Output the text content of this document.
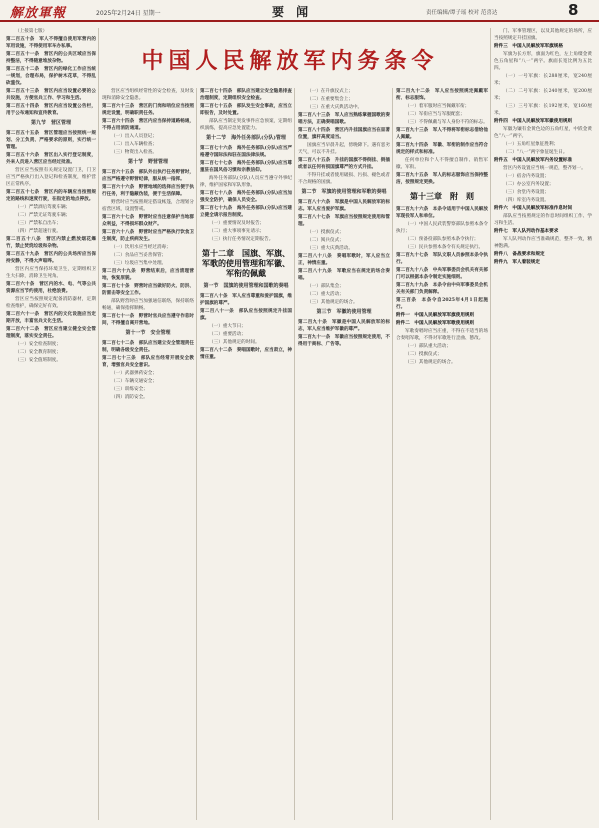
解放軍報	2025年2月24日 星期一	要 闻	责任编辑/谭子瑶 校对 范喜达	8
中国人民解放军内务条令

（上接第七版）

第二百五十条　军人不得擅自使用军营内的军用设施，不得使用军车办私事。

第二百五十一条　营区内的公共区域应当保持整洁，不得随意堆放杂物。

第二百五十二条　营区内的绿化工作应当统一规划，合理布局，保护树木花草，不得乱砍滥伐。

第二百五十三条　营区内应当设置必要的公共设施，方便官兵工作、学习和生活。

第二百五十四条　营区内应当设置公告栏，用于公布通知和宣传教育。

第九节　营区管理

第二百五十五条　营区管理应当按照统一规划、分工负责、严格要求的原则，实行统一管理。

第二百五十六条　营区出入实行登记制度，外来人员进入营区应当经过批准。

营区应当按照有关规定设置门卫，门卫应当严格执行出入登记和检查制度，维护营区正常秩序。

第二百五十七条　营区内的车辆应当按照规定的路线和速度行驶，在指定的地点停放。

（一）严禁酒后驾驶车辆；

（二）严禁无证驾驶车辆；

（三）严禁私自出车；

（四）严禁超速行驶。

第二百五十八条　营区内禁止燃放烟花爆竹，禁止焚烧垃圾和杂物。

第二百五十九条　营区内的公共场所应当保持安静，不得大声喧哗。

营区内应当保持环境卫生，定期组织卫生大扫除，消除卫生死角。

第二百六十条　营区内的水、电、气等公共资源应当节约使用，杜绝浪费。

营区应当按照规定配备消防器材，定期检查维护，确保完好有效。

第二百六十一条　营区内的文化设施应当定期开放，丰富官兵文化生活。

第二百六十二条　营区应当建立健全安全管理制度，落实安全责任。

（一）安全检查制度；

（二）安全教育制度；

（三）安全值班制度。

营区应当组织经常性的安全检查，及时发现和消除安全隐患。

第二百六十三条　营区的门岗和哨位应当按照规定设置，明确职责任务。

第二百六十四条　营区内应当保持道路畅通，不得占用消防通道。

（一）出入人员登记；

（二）出入车辆检查；

（三）物资出入检查。

第十节　野营管理

第二百六十五条　部队外出执行任务野营时，应当严格遵守野营纪律，服从统一指挥。

第二百六十六条　野营地域的选择应当便于执行任务，利于隐蔽伪装，便于生活保障。

野营时应当按照规定搭设帐篷，合理划分宿营区域，设置警戒。

第二百六十七条　野营时应当注意保护当地群众利益，不得损坏群众财产。

第二百六十八条　野营时应当严格执行饮食卫生制度，防止疾病发生。

（一）饮用水应当经过消毒；

（二）食品应当妥善保管；

（三）垃圾应当集中处理。

第二百六十九条　野营结束后，应当清理营地，恢复原貌。

第二百七十条　野营时应当做好防火、防洪、防雷击等安全工作。

部队野营时应当加强通信联络，保持联络畅通，确保指挥顺畅。

第二百七十一条　野营时官兵应当遵守作息时间，不得擅自离开营地。

第十一节　安全管理

第二百七十二条　部队应当建立安全管理责任制，明确各级安全责任。

第二百七十三条　部队应当经常开展安全教育，增强官兵安全意识。

（一）武器弹药安全；

（二）车辆交通安全；

（三）训练安全；

（四）消防安全。

第二百七十四条　部队应当建立安全隐患排查治理制度，定期组织安全检查。

第二百七十五条　部队发生安全事故，应当立即报告，及时处置。

部队应当制定突发事件应急预案，定期组织演练，提高应急处置能力。

第十二节　海外任务部队(分队)管理

第二百七十六条　海外任务部队(分队)应当严格遵守国际法和驻在国法律法规。

第二百七十七条　海外任务部队(分队)应当尊重驻在国风俗习惯和宗教信仰。

海外任务部队(分队)人员应当遵守外事纪律，维护国家和军队形象。

第二百七十八条　海外任务部队(分队)应当加强安全防护，确保人员安全。

第二百七十九条　海外任务部队(分队)应当建立健全请示报告制度。

（一）重要情况及时报告；

（二）重大事项事先请示；

（三）执行任务情况定期报告。

第十二章　国旗、军旗、军歌的使用管理和军徽、军衔的佩戴

第一节　国旗的使用管理和国歌的奏唱

第二百八十条　军人应当尊重和爱护国旗，维护国旗的尊严。

第二百八十一条　部队应当按照规定升挂国旗。

（一）重大节日；

（二）重要活动；

（三）其他规定的时间。

第二百八十二条　奏唱国歌时，应当肃立，神情庄重。

（一）在升旗仪式上；

（二）在重要集会上；

（三）在重大庆典活动中。

第二百八十三条　军人应当熟练掌握国歌的奏唱方法，正确奏唱国歌。

第二百八十四条　营区内升挂国旗应当在显著位置，旗杆高度适当。

国旗应当早晨升起，傍晚降下。遇有恶劣天气，可以不升挂。

第二百八十五条　升挂的国旗不得倒挂、倒插或者以任何有损国旗尊严的方式升挂。

不得升挂或者使用破损、污损、褪色或者不合规格的国旗。

第二节　军旗的使用管理和军歌的奏唱

第二百八十六条　军旗是中国人民解放军的标志。军人应当爱护军旗。

第二百八十七条　军旗应当按照规定使用和管理。

（一）授旗仪式；

（二）阅兵仪式；

（三）重大庆典活动。

第二百八十八条　奏唱军歌时，军人应当立正，神情庄重。

第二百八十九条　军歌应当在规定的场合奏唱。

（一）部队集会；

（二）重大活动；

（三）其他规定的场合。

第三节　军徽的使用管理

第二百九十条　军徽是中国人民解放军的标志，军人应当维护军徽的尊严。

第二百九十一条　军徽应当按照规定使用，不得用于商标、广告等。

第二百九十二条　军人应当按照规定佩戴军衔、标志服饰。

（一）着军服时应当佩戴军衔；

（二）军衔应当与军服配套；

（三）不得佩戴与军人身份不符的标志。

第二百九十三条　军人不得将军衔标志借给他人佩戴。

第二百九十四条　军徽、军衔的制作应当符合规定的样式和标准。

任何单位和个人不得擅自制作、销售军徽、军衔。

第二百九十五条　军人的标志服饰应当保持整洁，按照规定更换。

第十三章　附　则

第二百九十六条　本条令适用于中国人民解放军现役军人和单位。

（一）中国人民武装警察部队参照本条令执行；

（二）预备役部队参照本条令执行；

（三）民兵参照本条令有关规定执行。

第二百九十七条　军队文职人员参照本条令执行。

第二百九十八条　中央军事委员会机关有关部门可以根据本条令制定实施细则。

第二百九十九条　本条令由中央军事委员会机关有关部门负责解释。

第三百条　本条令自2025年4月1日起施行。

附件一　中国人民解放军军旗使用规则

附件二　中国人民解放军军歌使用规则

军歌奏唱时应当庄重，不得在不适当的场合奏唱军歌，不得对军歌进行歪曲、篡改。

（一）部队重大活动；

（二）授旗仪式；

（三）其他规定的场合。

门、军事管理区，以及其他规定的场所，应当按照规定升挂国旗。

附件三　中国人民解放军军旗规格

军旗为长方形，旗面为红色，左上角缀金黄色五角星和“八一”两字。旗面长宽比例为五比四。

（一）一号军旗：长288厘米，宽240厘米；

（二）二号军旗：长240厘米，宽200厘米；

（三）三号军旗：长192厘米，宽160厘米。

附件四　中国人民解放军军徽使用规则

军徽为镶有金黄色边的五角红星，中嵌金黄色“八一”两字。

（一）五角红星象征胜利；

（二）“八一”两字象征诞生日。

附件五　中国人民解放军内务设置标准

营区内务设置应当统一规范，整齐划一。

（一）宿舍内务设置；

（二）办公室内务设置；

（三）食堂内务设置；

（四）库室内务设置。

附件六　中国人民解放军标准作息时间

部队应当按照规定的作息时间组织工作、学习和生活。

附件七　军人队列动作基本要求

军人队列动作应当准确规范，整齐一致，精神饱满。

附件八　备战要求和规定

附件九　军人着装规定
